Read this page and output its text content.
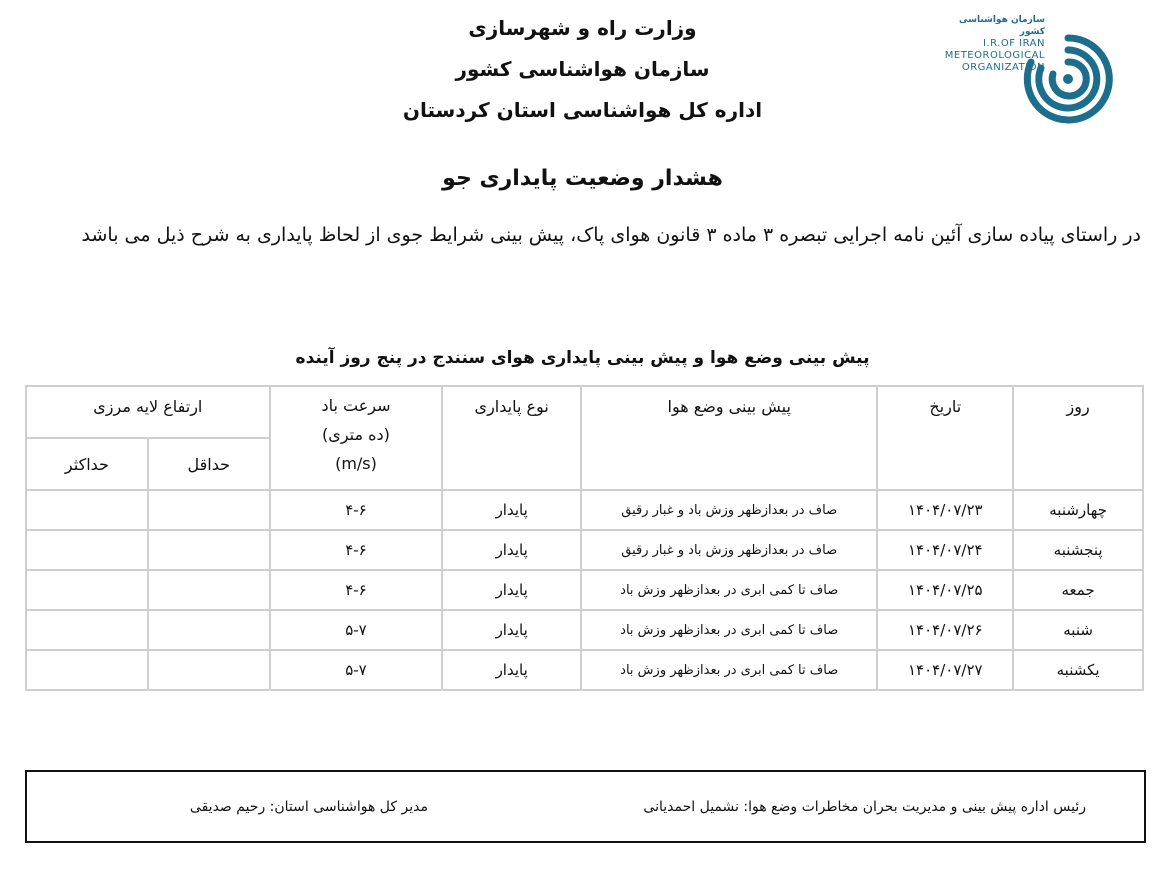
سازمان هواشناسی کشور
I.R.OF IRAN
METEOROLOGICAL
ORGANIZATION
وزارت راه و شهرسازی
سازمان هواشناسی کشور
اداره کل هواشناسی استان کردستان
هشدار وضعیت پایداری جو
در راستای پیاده سازی آئین نامه اجرایی تبصره ۳ ماده ۳ قانون هوای پاک، پیش بینی شرایط جوی از لحاظ پایداری به شرح ذیل می باشد
پیش بینی وضع هوا و پیش بینی پایداری هوای سنندج در پنج روز آینده
روز	تاریخ	پیش بینی وضع هوا	نوع پایداری	سرعت باد
(ده متری)
(m/s)	ارتفاع لایه مرزی	
					حداقل	حداکثر
چهارشنبه	۱۴۰۴/۰۷/۲۳	صاف در بعدازظهر وزش باد و غبار رقیق	پایدار	۴-۶		
پنجشنبه	۱۴۰۴/۰۷/۲۴	صاف در بعدازظهر وزش باد و غبار رقیق	پایدار	۴-۶		
جمعه	۱۴۰۴/۰۷/۲۵	صاف تا کمی ابری در بعدازظهر وزش باد	پایدار	۴-۶		
شنبه	۱۴۰۴/۰۷/۲۶	صاف تا کمی ابری در بعدازظهر وزش باد	پایدار	۵-۷		
یکشنبه	۱۴۰۴/۰۷/۲۷	صاف تا کمی ابری در بعدازظهر وزش باد	پایدار	۵-۷		
رئیس اداره پیش بینی و مدیریت بحران مخاطرات وضع هوا: نشمیل احمدیانی
مدیر کل هواشناسی استان: رحیم صدیقی
